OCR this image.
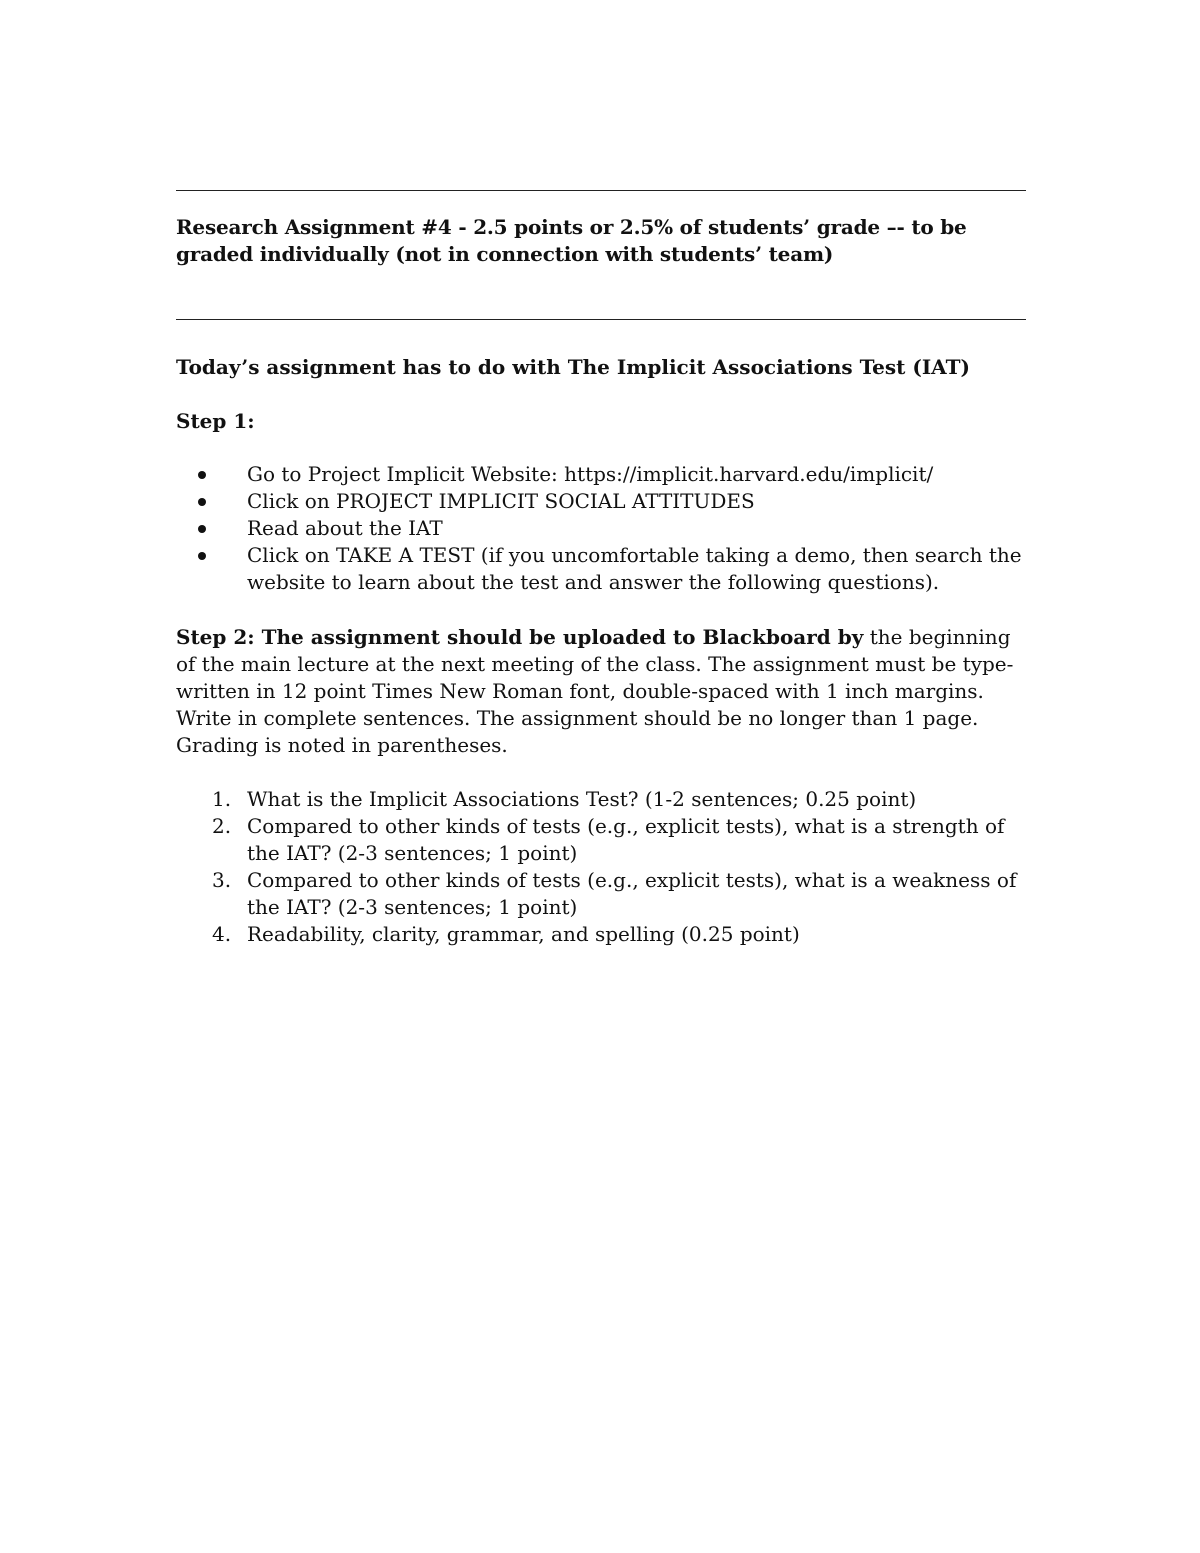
Research Assignment #4 - 2.5 points or 2.5% of students’ grade –- to be graded individually (not in connection with students’ team)
Today’s assignment has to do with The Implicit Associations Test (IAT)
Step 1:
Go to Project Implicit Website: https://implicit.harvard.edu/implicit/
Click on PROJECT IMPLICIT SOCIAL ATTITUDES
Read about the IAT
Click on TAKE A TEST (if you uncomfortable taking a demo, then search the website to learn about the test and answer the following questions).
Step 2: The assignment should be uploaded to Blackboard by the beginning of the main lecture at the next meeting of the class. The assignment must be type-written in 12 point Times New Roman font, double-spaced with 1 inch margins. Write in complete sentences. The assignment should be no longer than 1 page. Grading is noted in parentheses.
1. What is the Implicit Associations Test? (1-2 sentences; 0.25 point)
2. Compared to other kinds of tests (e.g., explicit tests), what is a strength of the IAT? (2-3 sentences; 1 point)
3. Compared to other kinds of tests (e.g., explicit tests), what is a weakness of the IAT? (2-3 sentences; 1 point)
4. Readability, clarity, grammar, and spelling (0.25 point)
